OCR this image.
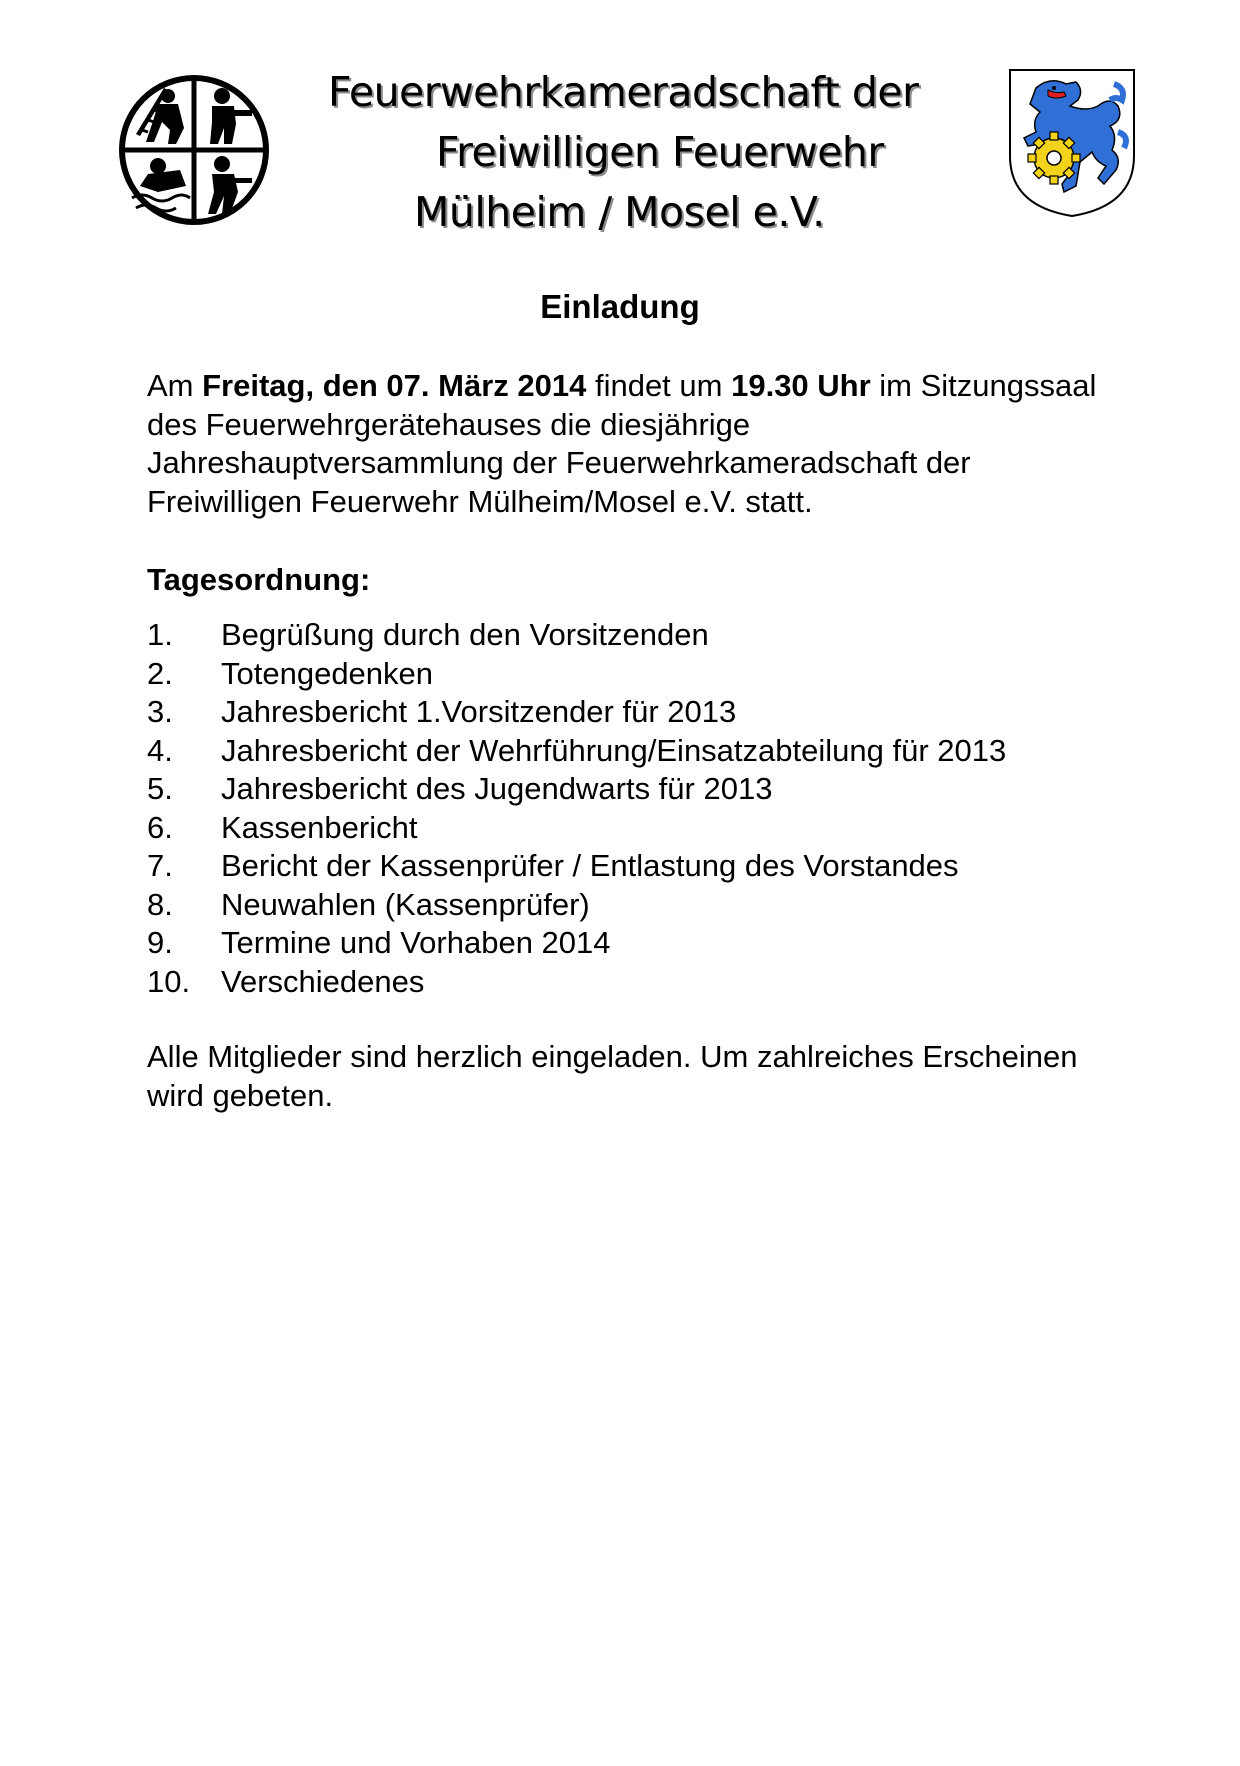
Feuerwehrkameradschaft der
Freiwilligen Feuerwehr
Mülheim / Mosel e.V.
Einladung
Am Freitag, den 07. März 2014 findet um 19.30 Uhr im Sitzungssaal des Feuerwehrgerätehauses die diesjährige Jahreshauptversammlung der Feuerwehrkameradschaft der Freiwilligen Feuerwehr Mülheim/Mosel e.V. statt.
Tagesordnung:
1. Begrüßung durch den Vorsitzenden
2. Totengedenken
3. Jahresbericht 1.Vorsitzender für 2013
4. Jahresbericht der Wehrführung/Einsatzabteilung für 2013
5. Jahresbericht des Jugendwarts für 2013
6. Kassenbericht
7. Bericht der Kassenprüfer / Entlastung des Vorstandes
8. Neuwahlen (Kassenprüfer)
9. Termine und Vorhaben 2014
10. Verschiedenes
Alle Mitglieder sind herzlich eingeladen. Um zahlreiches Erscheinen wird gebeten.
